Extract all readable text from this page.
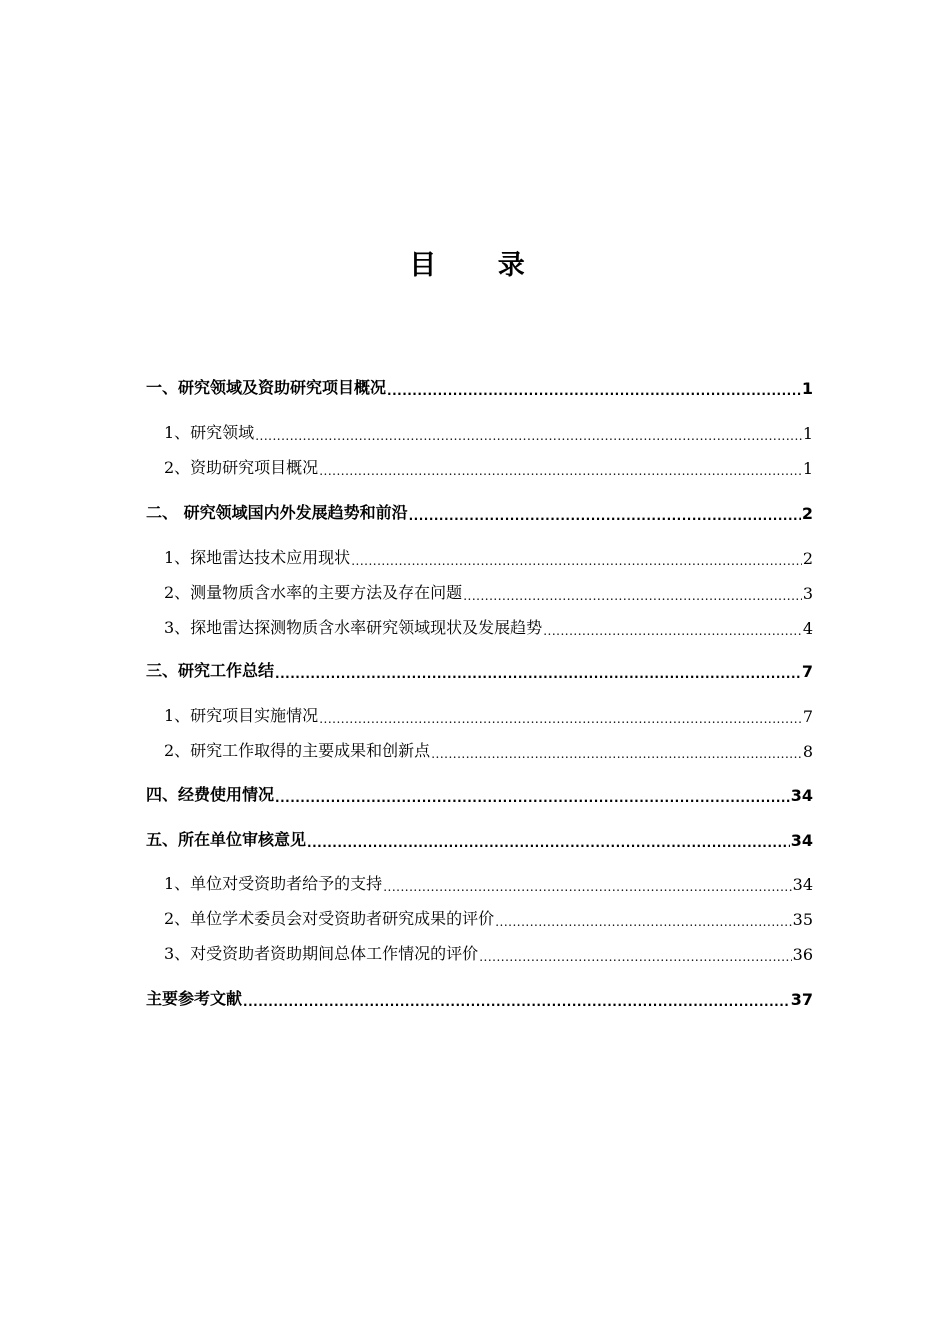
目 录
一、研究领域及资助研究项目概况 .....	1
1、研究领域 .....	1
2、资助研究项目概况 .....	1
二、 研究领域国内外发展趋势和前沿 .....	2
1、探地雷达技术应用现状 .....	2
2、测量物质含水率的主要方法及存在问题 .....	3
3、探地雷达探测物质含水率研究领域现状及发展趋势 .....	4
三、研究工作总结 .....	7
1、研究项目实施情况 .....	7
2、研究工作取得的主要成果和创新点 .....	8
四、经费使用情况 .....	34
五、所在单位审核意见 .....	34
1、单位对受资助者给予的支持 .....	34
2、单位学术委员会对受资助者研究成果的评价 .....	35
3、对受资助者资助期间总体工作情况的评价 .....	36
主要参考文献 .....	37
